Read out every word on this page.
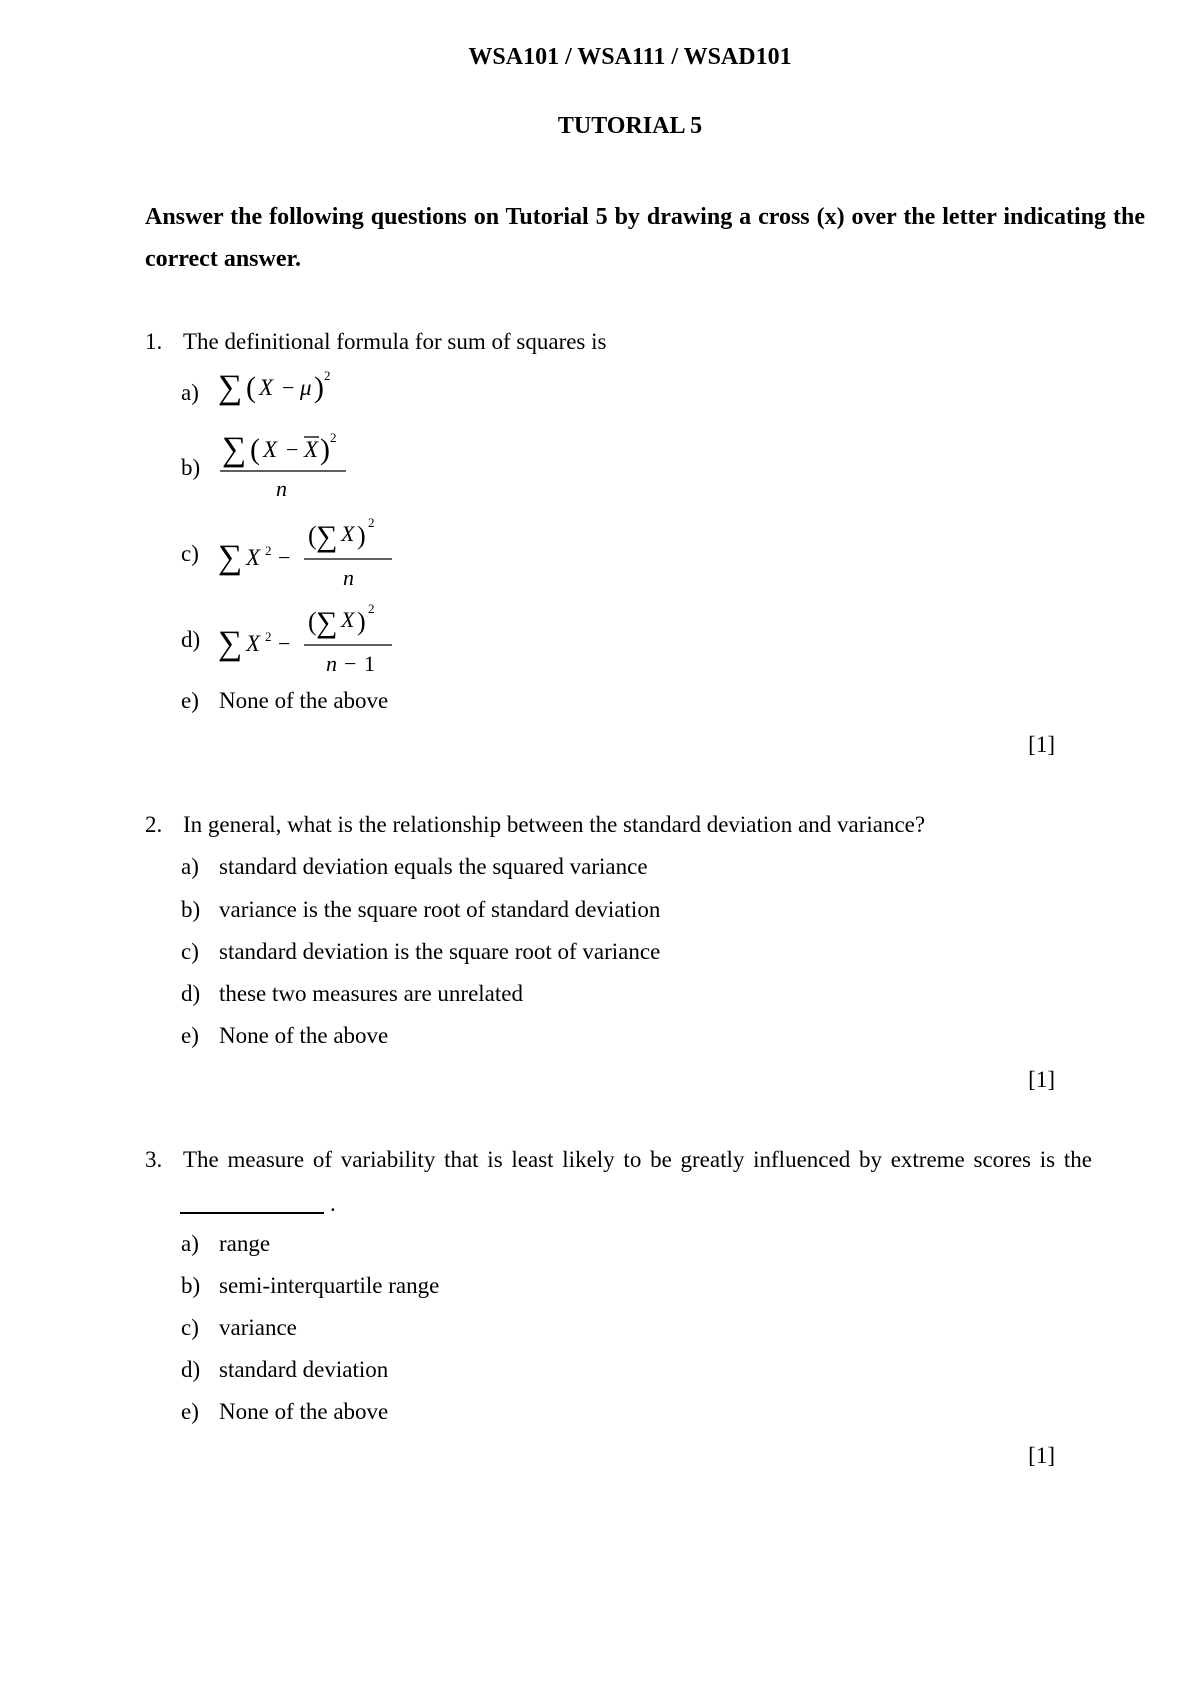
WSA101 / WSA111 / WSAD101
TUTORIAL 5
Answer the following questions on Tutorial 5 by drawing a cross (x) over the letter indicating the correct answer.
1. The definitional formula for sum of squares is
a) ∑ ( X − μ ) 2
b) ∑ ( X − X ) 2
n
c) ∑ X 2 −
( ∑ X ) 2
n
d) ∑ X 2 −
( ∑ X ) 2
n − 1
e) None of the above
[1]
2. In general, what is the relationship between the standard deviation and variance?
a) standard deviation equals the squared variance
b) variance is the square root of standard deviation
c) standard deviation is the square root of variance
d) these two measures are unrelated
e) None of the above
[1]
3. The measure of variability that is least likely to be greatly influenced by extreme scores is the
.
a) range
b) semi-interquartile range
c) variance
d) standard deviation
e) None of the above
[1]
